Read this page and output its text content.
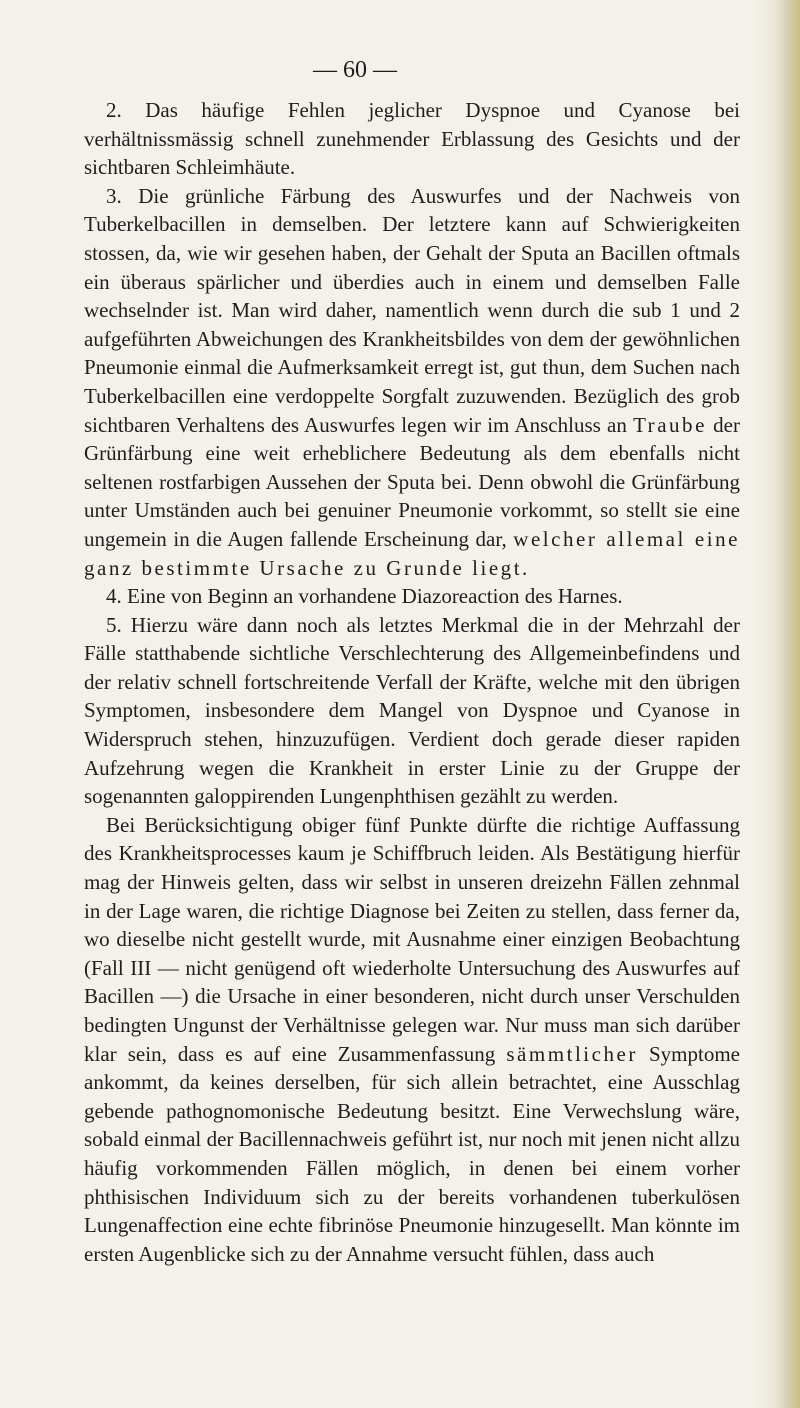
— 60 —

2. Das häufige Fehlen jeglicher Dyspnoe und Cyanose bei verhältnissmässig schnell zunehmender Erblassung des Gesichts und der sichtbaren Schleimhäute.

3. Die grünliche Färbung des Auswurfes und der Nachweis von Tuberkelbacillen in demselben. Der letztere kann auf Schwierigkeiten stossen, da, wie wir gesehen haben, der Gehalt der Sputa an Bacillen oftmals ein überaus spärlicher und überdies auch in einem und demselben Falle wechselnder ist. Man wird daher, namentlich wenn durch die sub 1 und 2 aufgeführten Abweichungen des Krankheitsbildes von dem der gewöhnlichen Pneumonie einmal die Aufmerksamkeit erregt ist, gut thun, dem Suchen nach Tuberkelbacillen eine verdoppelte Sorgfalt zuzuwenden. Bezüglich des grob sichtbaren Verhaltens des Auswurfes legen wir im Anschluss an Traube der Grünfärbung eine weit erheblichere Bedeutung als dem ebenfalls nicht seltenen rostfarbigen Aussehen der Sputa bei. Denn obwohl die Grünfärbung unter Umständen auch bei genuiner Pneumonie vorkommt, so stellt sie eine ungemein in die Augen fallende Erscheinung dar, welcher allemal eine ganz bestimmte Ursache zu Grunde liegt.

4. Eine von Beginn an vorhandene Diazoreaction des Harnes.

5. Hierzu wäre dann noch als letztes Merkmal die in der Mehrzahl der Fälle statthabende sichtliche Verschlechterung des Allgemeinbefindens und der relativ schnell fortschreitende Verfall der Kräfte, welche mit den übrigen Symptomen, insbesondere dem Mangel von Dyspnoe und Cyanose in Widerspruch stehen, hinzuzufügen. Verdient doch gerade dieser rapiden Aufzehrung wegen die Krankheit in erster Linie zu der Gruppe der sogenannten galoppirenden Lungenphthisen gezählt zu werden.

Bei Berücksichtigung obiger fünf Punkte dürfte die richtige Auffassung des Krankheitsprocesses kaum je Schiffbruch leiden. Als Bestätigung hierfür mag der Hinweis gelten, dass wir selbst in unseren dreizehn Fällen zehnmal in der Lage waren, die richtige Diagnose bei Zeiten zu stellen, dass ferner da, wo dieselbe nicht gestellt wurde, mit Ausnahme einer einzigen Beobachtung (Fall III — nicht genügend oft wiederholte Untersuchung des Auswurfes auf Bacillen —) die Ursache in einer besonderen, nicht durch unser Verschulden bedingten Ungunst der Verhältnisse gelegen war. Nur muss man sich darüber klar sein, dass es auf eine Zusammenfassung sämmtlicher Symptome ankommt, da keines derselben, für sich allein betrachtet, eine Ausschlag gebende pathognomonische Bedeutung besitzt. Eine Verwechslung wäre, sobald einmal der Bacillennachweis geführt ist, nur noch mit jenen nicht allzu häufig vorkommenden Fällen möglich, in denen bei einem vorher phthisischen Individuum sich zu der bereits vorhandenen tuberkulösen Lungenaffection eine echte fibrinöse Pneumonie hinzugesellt. Man könnte im ersten Augenblicke sich zu der Annahme versucht fühlen, dass auch
